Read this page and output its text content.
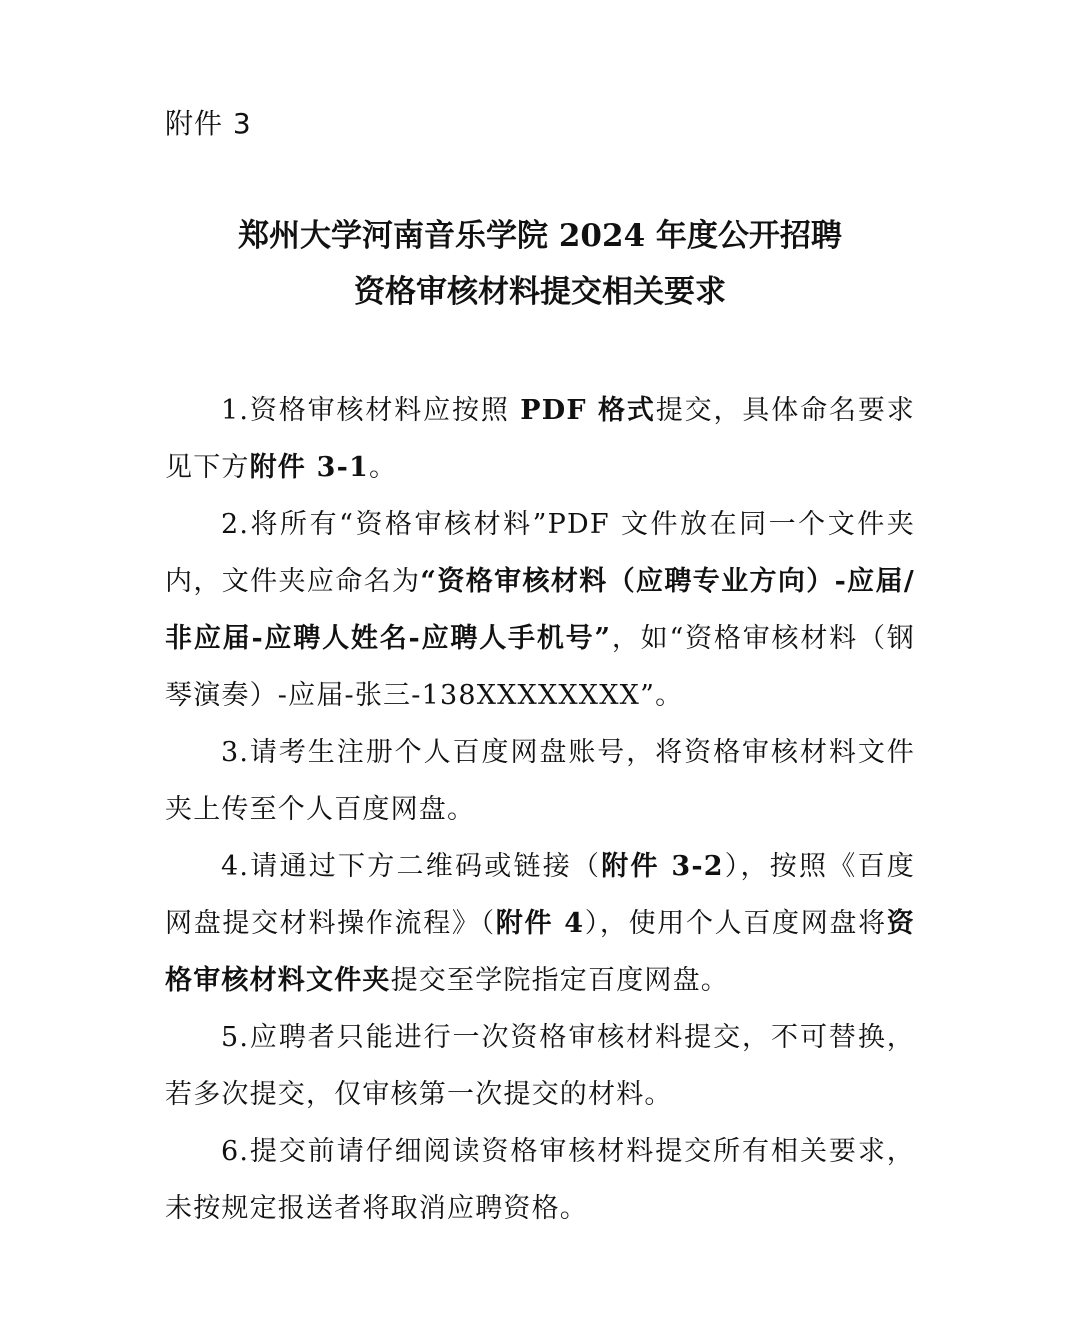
附件 3
郑州大学河南音乐学院 2024 年度公开招聘
资格审核材料提交相关要求

1.资格审核材料应按照 PDF 格式提交，具体命名要求见下方附件 3-1。

2.将所有“资格审核材料”PDF 文件放在同一个文件夹内，文件夹应命名为“资格审核材料（应聘专业方向）-应届/非应届-应聘人姓名-应聘人手机号”，如“资格审核材料（钢琴演奏）-应届-张三-138XXXXXXXX”。

3.请考生注册个人百度网盘账号，将资格审核材料文件夹上传至个人百度网盘。

4.请通过下方二维码或链接（附件 3-2），按照《百度网盘提交材料操作流程》（附件 4），使用个人百度网盘将资格审核材料文件夹提交至学院指定百度网盘。

5.应聘者只能进行一次资格审核材料提交，不可替换，若多次提交，仅审核第一次提交的材料。

6.提交前请仔细阅读资格审核材料提交所有相关要求，未按规定报送者将取消应聘资格。
